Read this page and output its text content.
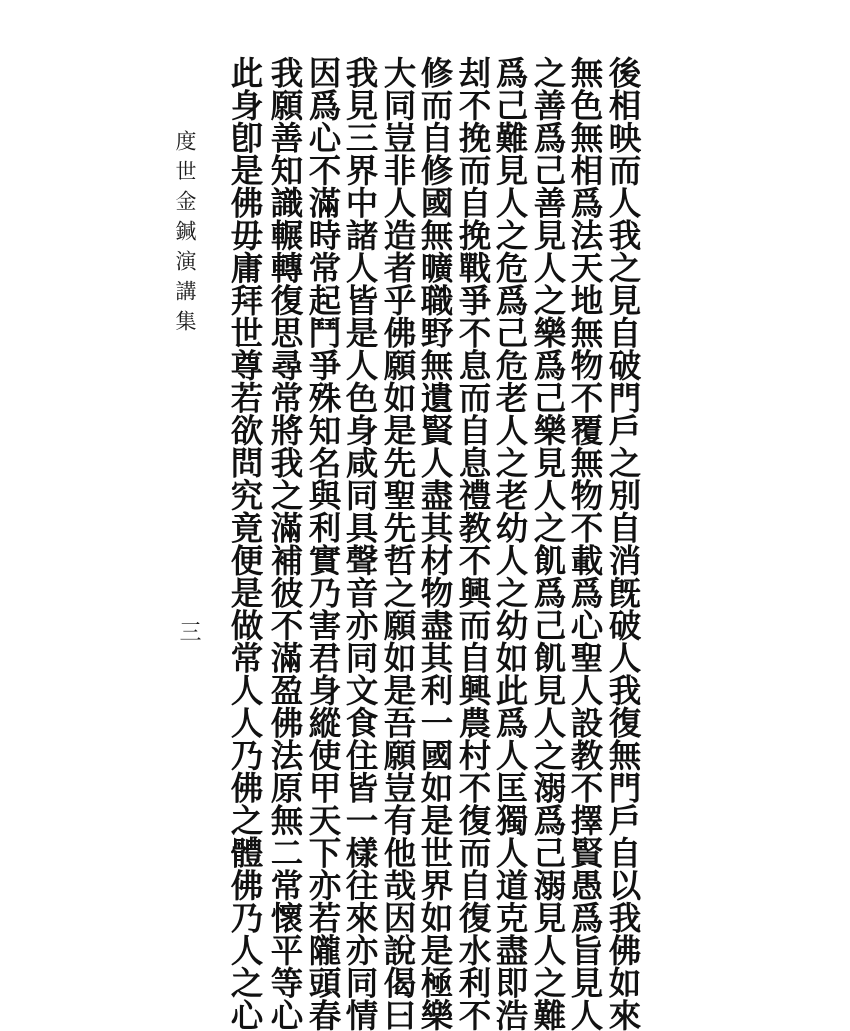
後相映而人我之見自破門戶之別自消旣破人我復無門戶自以我佛如來
無色無相爲法天地無物不覆無物不載爲心聖人設教不擇賢愚爲旨見人
之善爲己善見人之樂爲己樂見人之飢爲己飢見人之溺爲己溺見人之難
爲己難見人之危爲己危老人之老幼人之幼如此爲人匡獨人道克盡即浩
刦不挽而自挽戰爭不息而自息禮教不興而自興農村不復而自復水利不
修而自修國無曠職野無遺賢人盡其材物盡其利一國如是世界如是極樂
大同豈非人造者乎佛願如是先聖先哲之願如是吾願豈有他哉因說偈曰
我見三界中諸人皆是人色身咸同具聲音亦同文食住皆一樣往來亦同情
因爲心不滿時常起鬥爭殊知名與利實乃害君身縱使甲天下亦若隴頭春
我願善知識輾轉復思尋常將我之滿補彼不滿盈佛法原無二常懷平等心
此身卽是佛毋庸拜世尊若欲問究竟便是做常人人乃佛之體佛乃人之心
度世金鍼演講集
三
